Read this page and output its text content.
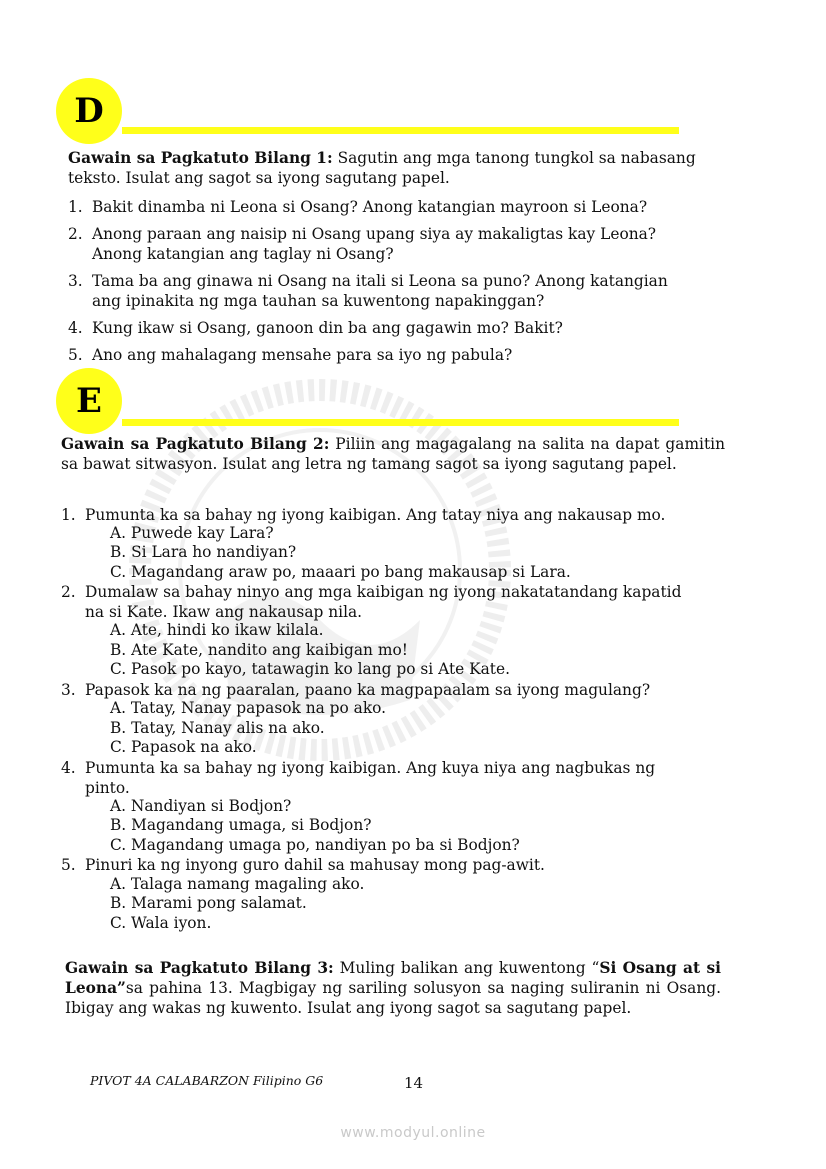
D
Gawain sa Pagkatuto Bilang 1: Sagutin ang mga tanong tungkol sa nabasang teksto. Isulat ang sagot sa iyong sagutang papel.
1. Bakit dinamba ni Leona si Osang? Anong katangian mayroon si Leona?
2. Anong paraan ang naisip ni Osang upang siya ay makaligtas kay Leona?
Anong katangian ang taglay ni Osang?
3. Tama ba ang ginawa ni Osang na itali si Leona sa puno? Anong katangian
ang ipinakita ng mga tauhan sa kuwentong napakinggan?
4. Kung ikaw si Osang, ganoon din ba ang gagawin mo? Bakit?
5. Ano ang mahalagang mensahe para sa iyo ng pabula?
E
Gawain sa Pagkatuto Bilang 2: Piliin ang magagalang na salita na dapat gamitin sa bawat sitwasyon. Isulat ang letra ng tamang sagot sa iyong sagutang papel.
1. Pumunta ka sa bahay ng iyong kaibigan. Ang tatay niya ang nakausap mo.
A. Puwede kay Lara?
B. Si Lara ho nandiyan?
C. Magandang araw po, maaari po bang makausap si Lara.
2. Dumalaw sa bahay ninyo ang mga kaibigan ng iyong nakatatandang kapatid
na si Kate. Ikaw ang nakausap nila.
A. Ate, hindi ko ikaw kilala.
B. Ate Kate, nandito ang kaibigan mo!
C. Pasok po kayo, tatawagin ko lang po si Ate Kate.
3. Papasok ka na ng paaralan, paano ka magpapaalam sa iyong magulang?
A. Tatay, Nanay papasok na po ako.
B. Tatay, Nanay alis na ako.
C. Papasok na ako.
4. Pumunta ka sa bahay ng iyong kaibigan. Ang kuya niya ang nagbukas ng
pinto.
A. Nandiyan si Bodjon?
B. Magandang umaga, si Bodjon?
C. Magandang umaga po, nandiyan po ba si Bodjon?
5. Pinuri ka ng inyong guro dahil sa mahusay mong pag-awit.
A. Talaga namang magaling ako.
B. Marami pong salamat.
C. Wala iyon.
Gawain sa Pagkatuto Bilang 3: Muling balikan ang kuwentong “Si Osang at si Leona”sa pahina 13. Magbigay ng sariling solusyon sa naging suliranin ni Osang. Ibigay ang wakas ng kuwento. Isulat ang iyong sagot sa sagutang papel.
PIVOT 4A CALABARZON Filipino G6	14
www.modyul.online
